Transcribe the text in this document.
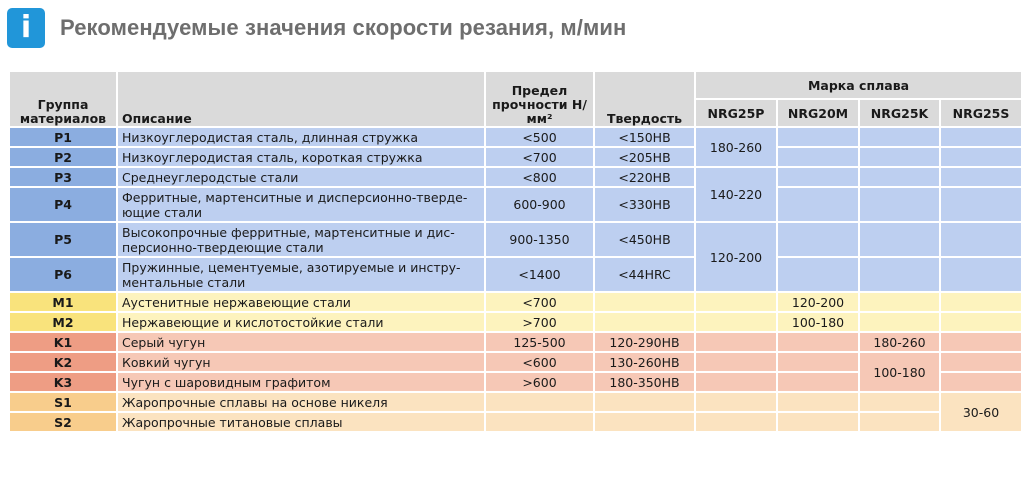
i Рекомендуемые значения скорости резания, м/мин
Группа материалов	Описание	Предел прочности Н/мм²	Твердость	Марка сплава			
				NRG25P	NRG20M	NRG25K	NRG25S
P1	Низкоуглеродистая сталь, длинная стружка	<500	<150HB	180-260			
P2	Низкоуглеродистая сталь, короткая стружка	<700	<205HB				
P3	Среднеуглеродстые стали	<800	<220HB	140-220			
P4	Ферритные, мартенситные и дисперсионно-тверде-ющие стали	600-900	<330HB				
P5	Высокопрочные ферритные, мартенситные и дис-персионно-твердеющие стали	900-1350	<450HB	120-200			
P6	Пружинные, цементуемые, азотируемые и инстру-ментальные стали	<1400	<44HRC				
M1	Аустенитные нержавеющие стали	<700			120-200		
M2	Нержавеющие и кислотостойкие стали	>700			100-180		
K1	Серый чугун	125-500	120-290HB			180-260	
K2	Ковкий чугун	<600	130-260HB			100-180	
K3	Чугун с шаровидным графитом	>600	180-350HB				
S1	Жаропрочные сплавы на основе никеля						30-60
S2	Жаропрочные титановые сплавы						
